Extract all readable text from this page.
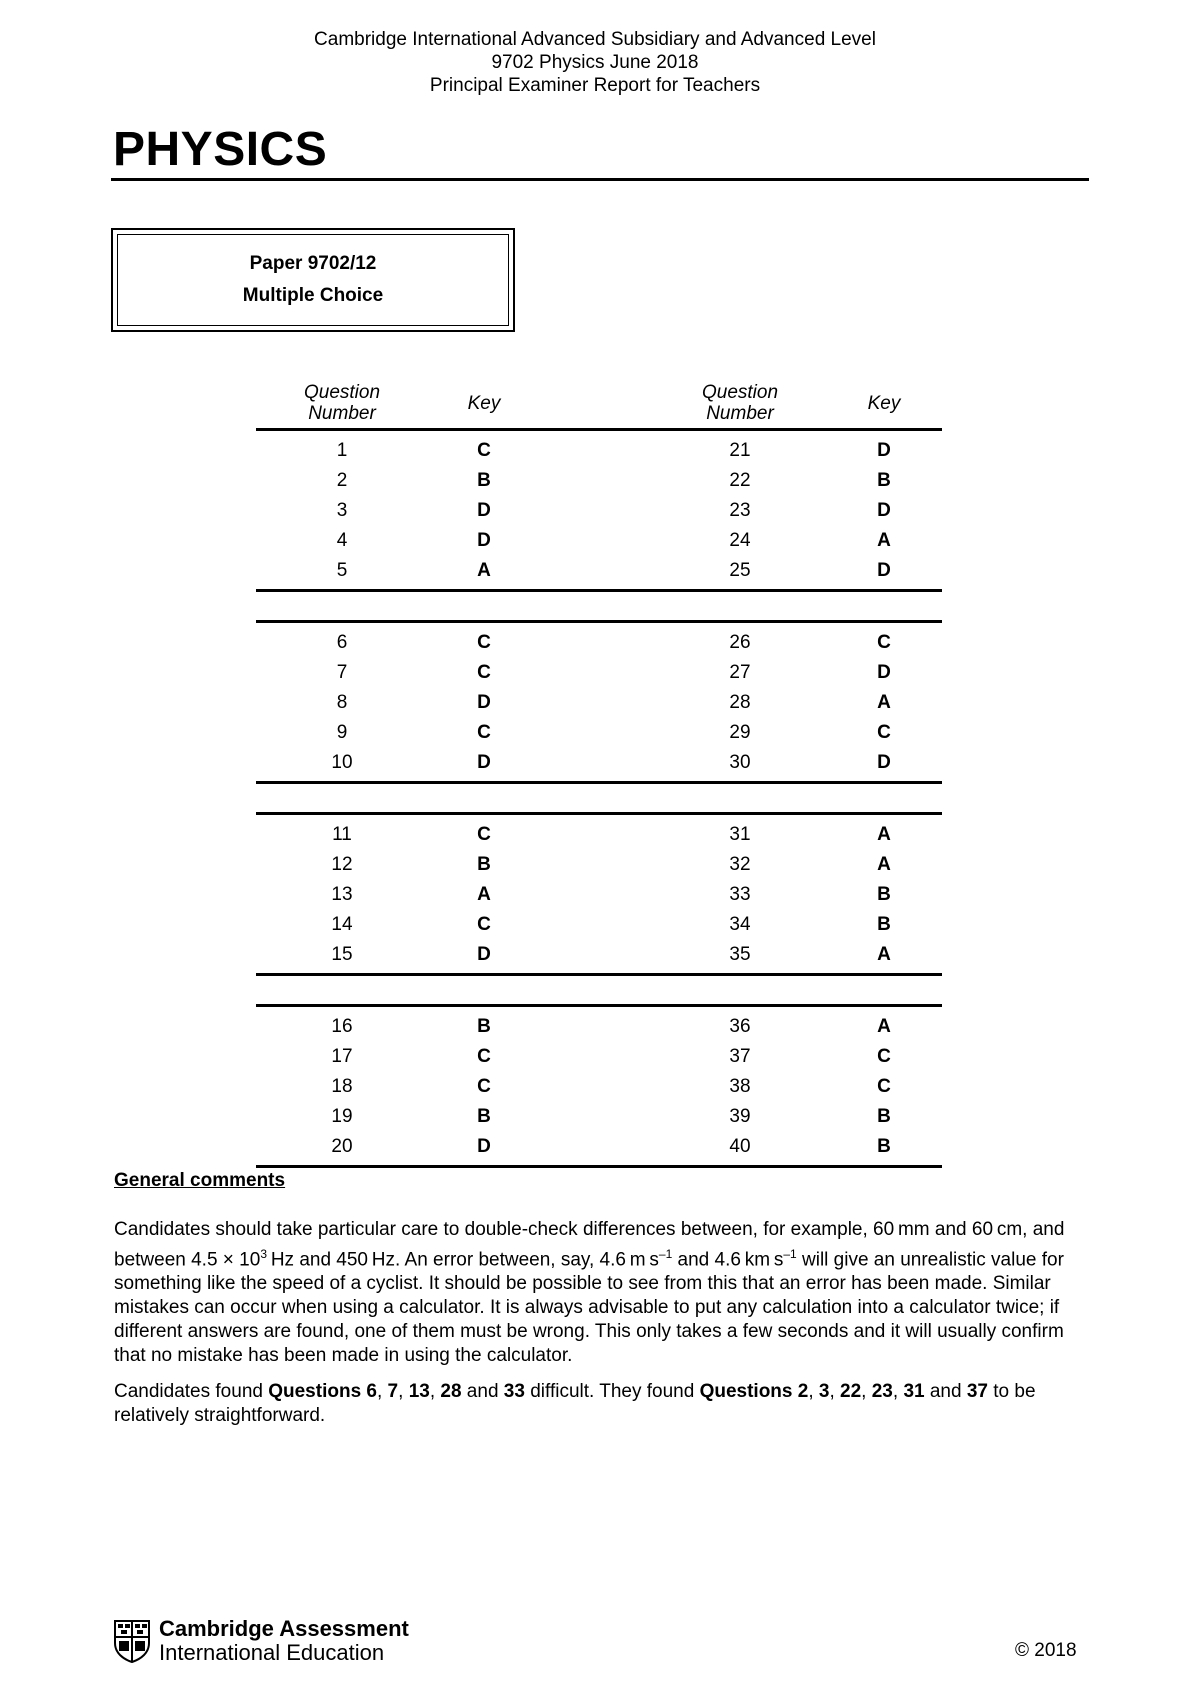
Cambridge International Advanced Subsidiary and Advanced Level
9702 Physics June 2018
Principal Examiner Report for Teachers
PHYSICS
Paper 9702/12
Multiple Choice
Question
Number	Key	Question
Number	Key
1	C	21	D
2	B	22	B
3	D	23	D
4	D	24	A
5	A	25	D
6	C	26	C
7	C	27	D
8	D	28	A
9	C	29	C
10	D	30	D
11	C	31	A
12	B	32	A
13	A	33	B
14	C	34	B
15	D	35	A
16	B	36	A
17	C	37	C
18	C	38	C
19	B	39	B
20	D	40	B
General comments
Candidates should take particular care to double-check differences between, for example, 60 mm and 60 cm, and between $4.5 \times 10^3$ Hz and 450 Hz. An error between, say, 4.6 m $s^{-1}$ and 4.6 km $s^{-1}$ will give an unrealistic value for something like the speed of a cyclist. It should be possible to see from this that an error has been made. Similar mistakes can occur when using a calculator. It is always advisable to put any calculation into a calculator twice; if different answers are found, one of them must be wrong. This only takes a few seconds and it will usually confirm that no mistake has been made in using the calculator.
Candidates found Questions 6, 7, 13, 28 and 33 difficult. They found Questions 2, 3, 22, 23, 31 and 37 to be relatively straightforward.
Cambridge Assessment
International Education	© 2018
